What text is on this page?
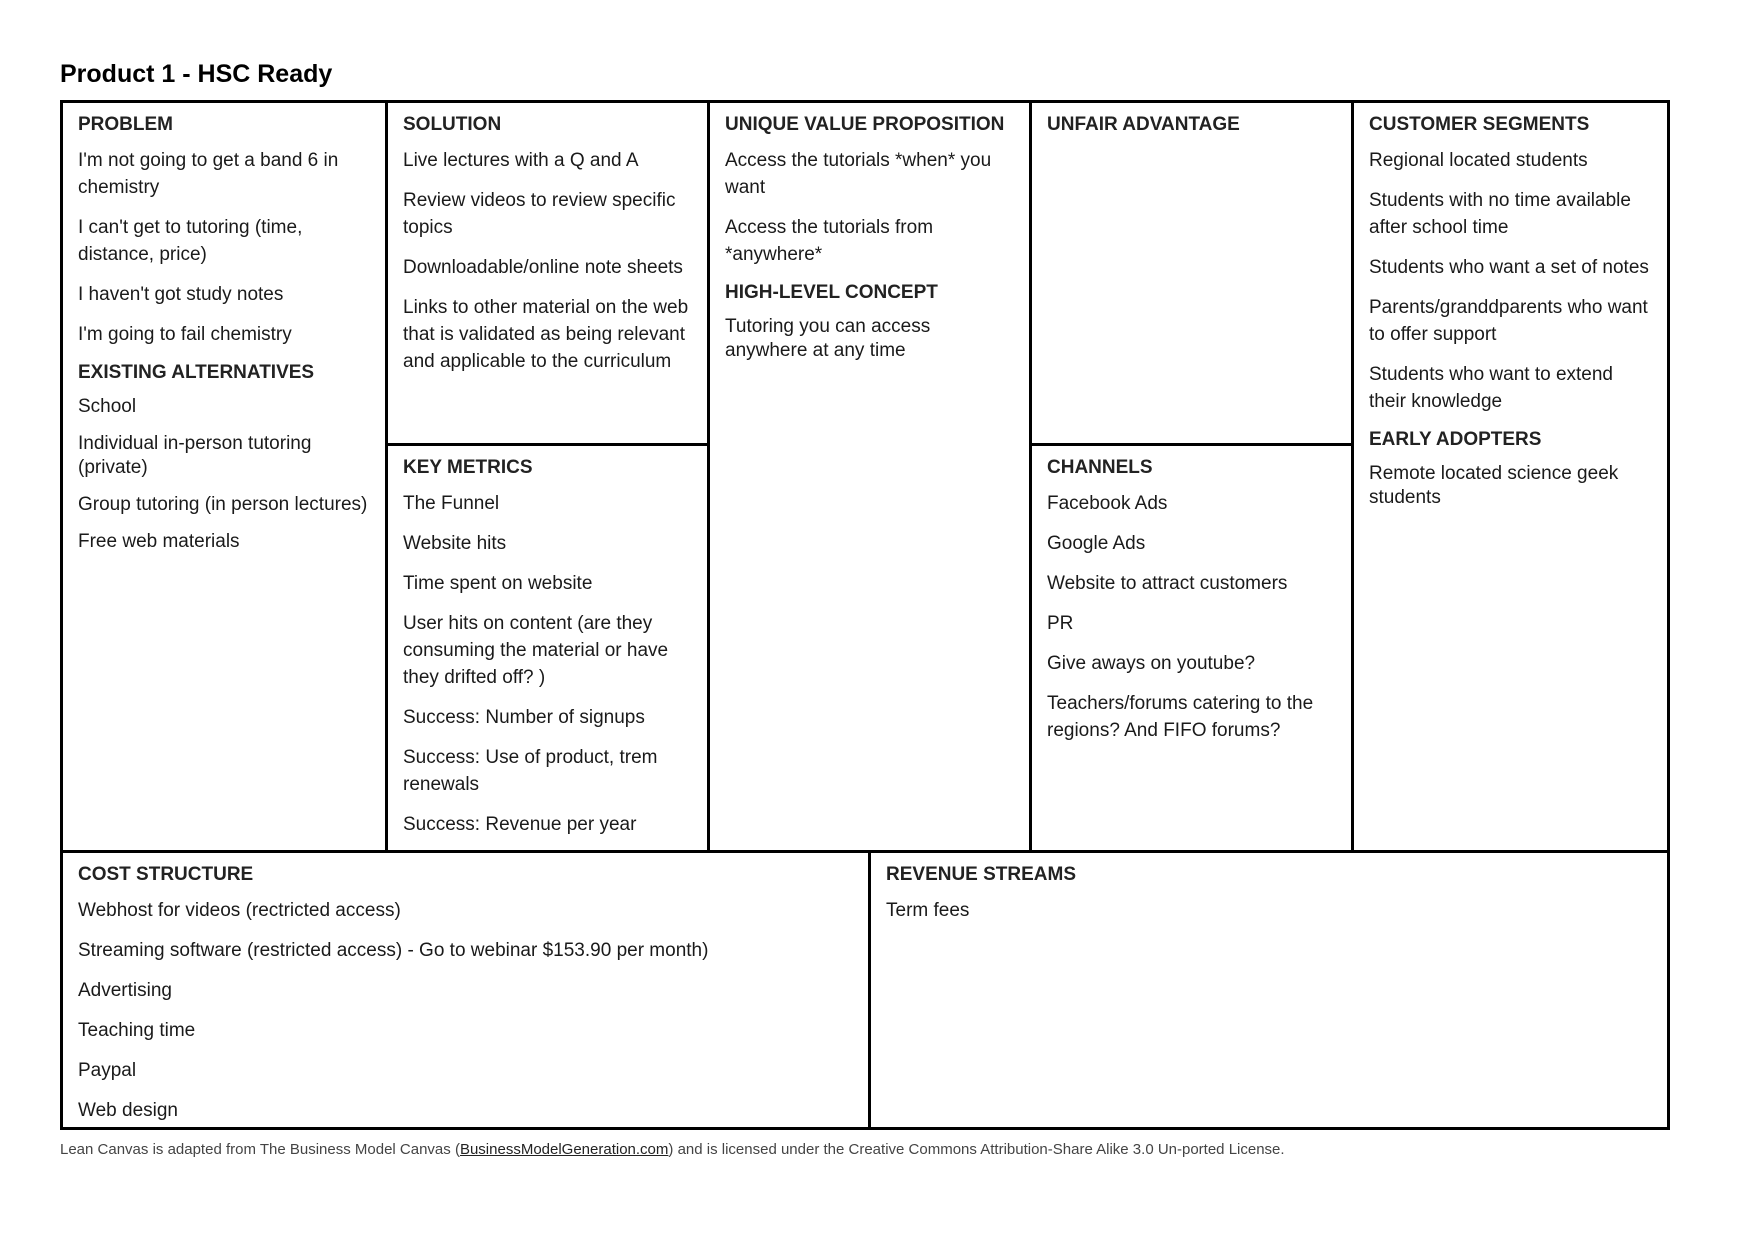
Product 1 - HSC Ready
PROBLEM
I'm not going to get a band 6 in chemistry
I can't get to tutoring (time, distance, price)
I haven't got study notes
I'm going to fail chemistry
EXISTING ALTERNATIVES
School
Individual in-person tutoring (private)
Group tutoring (in person lectures)
Free web materials
SOLUTION
Live lectures with a Q and A
Review videos to review specific topics
Downloadable/online note sheets
Links to other material on the web that is validated as being relevant and applicable to the curriculum
KEY METRICS
The Funnel
Website hits
Time spent on website
User hits on content (are they consuming the material or have they drifted off? )
Success: Number of signups
Success: Use of product, trem renewals
Success: Revenue per year
UNIQUE VALUE PROPOSITION
Access the tutorials *when* you want
Access the tutorials from *anywhere*
HIGH-LEVEL CONCEPT
Tutoring you can access anywhere at any time
UNFAIR ADVANTAGE
CHANNELS
Facebook Ads
Google Ads
Website to attract customers
PR
Give aways on youtube?
Teachers/forums catering to the regions? And FIFO forums?
CUSTOMER SEGMENTS
Regional located students
Students with no time available after school time
Students who want a set of notes
Parents/granddparents who want to offer support
Students who want to extend their knowledge
EARLY ADOPTERS
Remote located science geek students
COST STRUCTURE
Webhost for videos (rectricted access)
Streaming software (restricted access) - Go to webinar $153.90 per month)
Advertising
Teaching time
Paypal
Web design
REVENUE STREAMS
Term fees
Lean Canvas is adapted from The Business Model Canvas (BusinessModelGeneration.com) and is licensed under the Creative Commons Attribution-Share Alike 3.0 Un-ported License.
